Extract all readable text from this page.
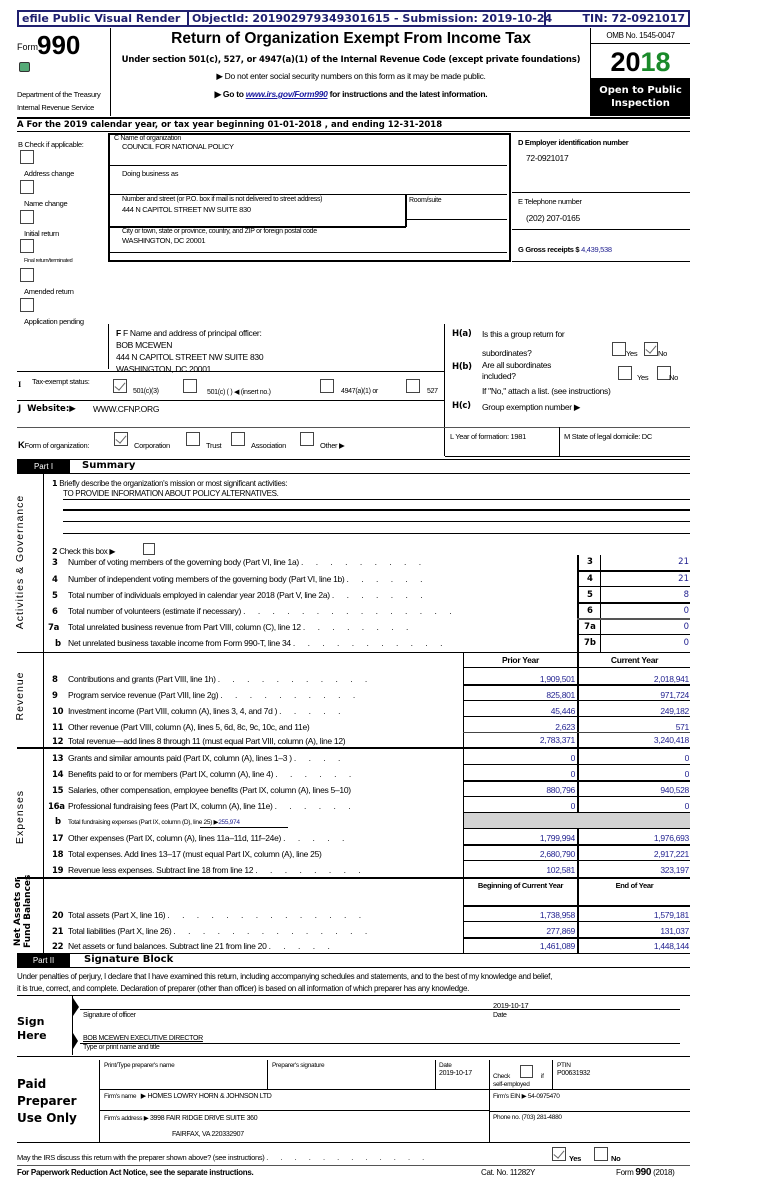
efile Public Visual Render	ObjectId: 201902979349301615 - Submission: 2019-10-24	TIN: 72-0921017
Form 990
Department of the Treasury
Internal Revenue Service
Return of Organization Exempt From Income Tax
Under section 501(c), 527, or 4947(a)(1) of the Internal Revenue Code (except private foundations)
▶ Do not enter social security numbers on this form as it may be made public.
▶ Go to www.irs.gov/Form990 for instructions and the latest information.
OMB No. 1545-0047
2018
Open to Public
Inspection
A For the 2019 calendar year, or tax year beginning 01-01-2018 , and ending 12-31-2018
B Check if applicable:
Address change
Name change
Initial return
Final return/terminated
Amended return
Application pending
C Name of organization
COUNCIL FOR NATIONAL POLICY
Doing business as
Number and street (or P.O. box if mail is not delivered to street address)
444 N CAPITOL STREET NW SUITE 830
Room/suite
City or town, state or province, country, and ZIP or foreign postal code
WASHINGTON, DC 20001
D Employer identification number
72-0921017
E Telephone number
(202) 207-0165
G Gross receipts $ 4,439,538
F F Name and address of principal officer:
BOB MCEWEN
444 N CAPITOL STREET NW SUITE 830
WASHINGTON, DC 20001
H(a) Is this a group return for
subordinates?
H(b) Are all subordinates
included?
If "No," attach a list. (see instructions)
H(c) Group exemption number ▶
Yes	No
Yes	No
I Tax-exempt status:
501(c)(3)	501(c) ( ) ◀ (insert no.)	4947(a)(1) or	527
J Website:▶ WWW.CFNP.ORG
KForm of organization:	Corporation	Trust	Association	Other ▶
L Year of formation: 1981	M State of legal domicile: DC
Part I	Summary
Activities & Governance
Revenue
Expenses
Net Assets or Fund Balances
1 Briefly describe the organization's mission or most significant activities:
TO PROVIDE INFORMATION ABOUT POLICY ALTERNATIVES.
2 Check this box ▶
3 Number of voting members of the governing body (Part VI, line 1a) . . . . . . . . .	3	21
4 Number of independent voting members of the governing body (Part VI, line 1b) . . . . . .	4	21
5 Total number of individuals employed in calendar year 2018 (Part V, line 2a) . . . . . . .	5	8
6 Total number of volunteers (estimate if necessary) . . . . . . . . . . . . . . .	6	0
7a Total unrelated business revenue from Part VIII, column (C), line 12 . . . . . . . .	7a	0
b Net unrelated business taxable income from Form 990-T, line 34 . . . . . . . . . . .	7b	0
Prior Year	Current Year
8 Contributions and grants (Part VIII, line 1h) . . . . . . . . . . .	1,909,501	2,018,941
9 Program service revenue (Part VIII, line 2g) . . . . . . . . . .	825,801	971,724
10 Investment income (Part VIII, column (A), lines 3, 4, and 7d ) . . . . .	45,446	249,182
11 Other revenue (Part VIII, column (A), lines 5, 6d, 8c, 9c, 10c, and 11e)	2,623	571
12 Total revenue—add lines 8 through 11 (must equal Part VIII, column (A), line 12)	2,783,371	3,240,418
13 Grants and similar amounts paid (Part IX, column (A), lines 1–3 ) . . . .	0	0
14 Benefits paid to or for members (Part IX, column (A), line 4) . . . . . .	0	0
15 Salaries, other compensation, employee benefits (Part IX, column (A), lines 5–10)	880,796	940,528
16a Professional fundraising fees (Part IX, column (A), line 11e) . . . . . .	0	0
b Total fundraising expenses (Part IX, column (D), line 25) ▶255,974
17 Other expenses (Part IX, column (A), lines 11a–11d, 11f–24e) . . . . .	1,799,994	1,976,693
18 Total expenses. Add lines 13–17 (must equal Part IX, column (A), line 25)	2,680,790	2,917,221
19 Revenue less expenses. Subtract line 18 from line 12 . . . . . . . .	102,581	323,197
Beginning of Current Year	End of Year
20 Total assets (Part X, line 16) . . . . . . . . . . . . . .	1,738,958	1,579,181
21 Total liabilities (Part X, line 26) . . . . . . . . . . . . . .	277,869	131,037
22 Net assets or fund balances. Subtract line 21 from line 20 . . . . .	1,461,089	1,448,144
Part II	Signature Block
Under penalties of perjury, I declare that I have examined this return, including accompanying schedules and statements, and to the best of my knowledge and belief,
it is true, correct, and complete. Declaration of preparer (other than officer) is based on all information of which preparer has any knowledge.
Sign
Here
2019-10-17
Signature of officer	Date
BOB MCEWEN EXECUTIVE DIRECTOR
Type or print name and title
Paid
Preparer
Use Only
Print/Type preparer's name	Preparer's signature	Date
2019-10-17	Check	if
self-employed
PTIN
P00631932
Firm's name ▶ HOMES LOWRY HORN & JOHNSON LTD	Firm's EIN ▶ 54-0975470
Firm's address ▶ 3998 FAIR RIDGE DRIVE SUITE 360
FAIRFAX, VA 220332907
Phone no. (703) 281-4880
May the IRS discuss this return with the preparer shown above? (see instructions) . . . . . . . . . . . .	Yes	No
For Paperwork Reduction Act Notice, see the separate instructions.	Cat. No. 11282Y	Form 990 (2018)
